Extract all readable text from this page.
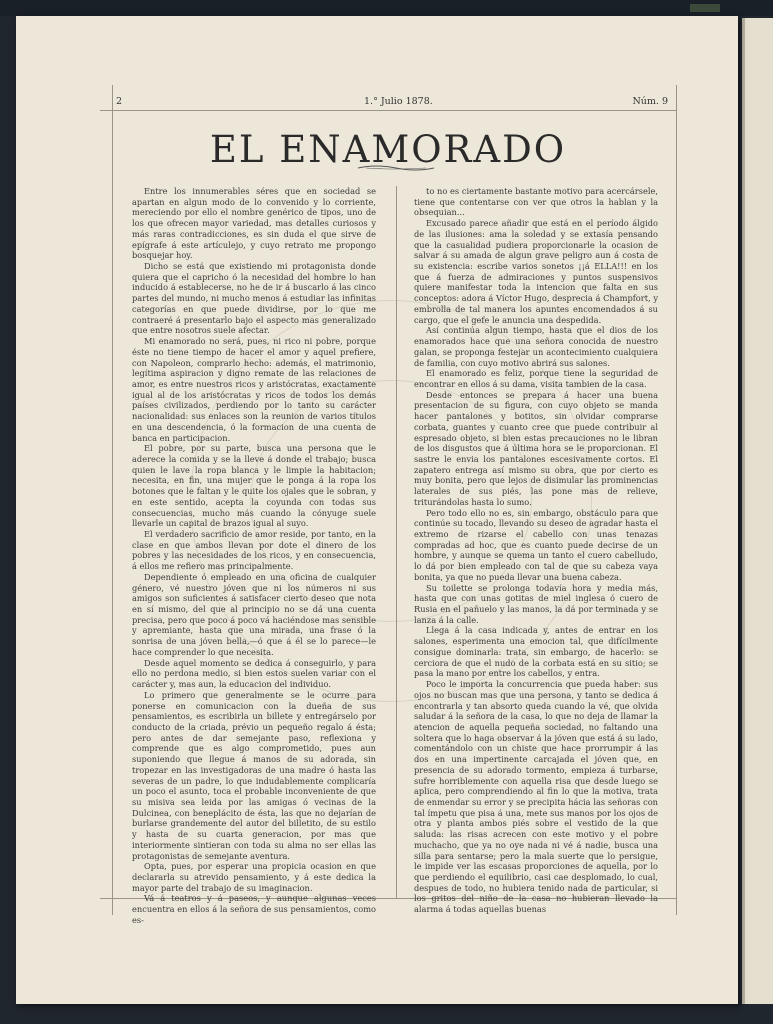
2	1.° Julio 1878.	Núm. 9
EL ENAMORADO

Entre los innumerables séres que en sociedad se apartan en algun modo de lo convenido y lo corriente, mereciendo por ello el nombre genérico de tipos, uno de los que ofrecen mayor variedad, mas detalles curiosos y más raras contradicciones, es sin duda el que sirve de epígrafe á este artículejo, y cuyo retrato me propongo bosquejar hoy.

Dicho se está que existiendo mi protagonista donde quiera que el capricho ó la necesidad del hombre lo han inducido á establecerse, no he de ir á buscarlo á las cinco partes del mundo, ni mucho menos á estudiar las infinitas categorías en que puede dividirse, por lo que me contraeré á presentarlo bajo el aspecto mas generalizado que entre nosotros suele afectar.

Mi enamorado no será, pues, ni rico ni pobre, porque éste no tiene tiempo de hacer el amor y aquel prefiere, con Napoleon, comprarlo hecho: además, el matrimonio, legítima aspiracion y digno remate de las relaciones de amor, es entre nuestros ricos y aristócratas, exactamente igual al de los aristócratas y ricos de todos los demás países civilizados, perdiendo por lo tanto su carácter nacionalidad: sus enlaces son la reunion de varios títulos en una descendencia, ó la formacion de una cuenta de banca en participacion.

El pobre, por su parte, busca una persona que le aderece la comida y se la lleve á donde el trabajo; busca quien le lave la ropa blanca y le limpie la habitacion; necesita, en fin, una mujer que le ponga á la ropa los botones que le faltan y le quite los ojales que le sobran, y en este sentido, acepta la coyunda con todas sus consecuencias, mucho más cuando la cónyuge suele llevarle un capital de brazos igual al suyo.

El verdadero sacrificio de amor reside, por tanto, en la clase en que ambos llevan por dote el dinero de los pobres y las necesidades de los ricos, y en consecuencia, á ellos me refiero mas principalmente.

Dependiente ó empleado en una oficina de cualquier género, vé nuestro jóven que ni los números ni sus amigos son suficientes á satisfacer cierto deseo que nota en sí mismo, del que al principio no se dá una cuenta precisa, pero que poco á poco vá haciéndose mas sensible y apremiante, hasta que una mirada, una frase ó la sonrisa de una jóven bella,—ó que á él se lo parece—le hace comprender lo que necesita.

Desde aquel momento se dedica á conseguirlo, y para ello no perdona medio, si bien estos suelen variar con el carácter y, mas aun, la educacion del individuo.

Lo primero que generalmente se le ocurre para ponerse en comunicacion con la dueña de sus pensamientos, es escribirla un billete y entregárselo por conducto de la criada, prévio un pequeño regalo á ésta; pero antes de dar semejante paso, reflexiona y comprende que es algo comprometido, pues aun suponiendo que llegue á manos de su adorada, sin tropezar en las investigadoras de una madre ó hasta las severas de un padre, lo que indudablemente complicaría un poco el asunto, toca el probable inconveniente de que su misiva sea leida por las amigas ó vecinas de la Dulcinea, con beneplácito de ésta, las que no dejarían de burlarse grandemente del autor del billetito, de su estilo y hasta de su cuarta generacion, por mas que interiormente sintieran con toda su alma no ser ellas las protagonistas de semejante aventura.

Opta, pues, por esperar una propicia ocasion en que declararla su atrevido pensamiento, y á este dedica la mayor parte del trabajo de su imaginacion.

Vá á teatros y á paseos, y aunque algunas veces encuentra en ellos á la señora de sus pensamientos, como es-

to no es ciertamente bastante motivo para acercársele, tiene que contentarse con ver que otros la hablan y la obsequian...

Excusado parece añadir que está en el período álgido de las ilusiones: ama la soledad y se extasía pensando que la casualidad pudiera proporcionarle la ocasion de salvar á su amada de algun grave peligro aun á costa de su existencia: escribe varios sonetos ¡¡á ELLA!!! en los que á fuerza de admiraciones y puntos suspensivos quiere manifestar toda la intencion que falta en sus conceptos: adora á Víctor Hugo, desprecia á Champfort, y embrolla de tal manera los apuntes encomendados á su cargo, que el gefe le anuncia una despedida.

Así continúa algun tiempo, hasta que el dios de los enamorados hace que una señora conocida de nuestro galan, se proponga festejar un acontecimiento cualquiera de familia, con cuyo motivo abrirá sus salones.

El enamorado es feliz, porque tiene la seguridad de encontrar en ellos á su dama, visita tambien de la casa.

Desde entonces se prepara á hacer una buena presentacion de su figura, con cuyo objeto se manda hacer pantalones y botitos, sin olvidar comprarse corbata, guantes y cuanto cree que puede contribuir al espresado objeto, si bien estas precauciones no le libran de los disgustos que á última hora se le proporcionan. El sastre le envia los pantalones escesivamente cortos. El zapatero entrega así mismo su obra, que por cierto es muy bonita, pero que lejos de disimular las prominencias laterales de sus piés, las pone mas de relieve, triturándolas hasta lo sumo.

Pero todo ello no es, sin embargo, obstáculo para que continúe su tocado, llevando su deseo de agradar hasta el extremo de rizarse el cabello con unas tenazas compradas ad hoc, que es cuanto puede decirse de un hombre, y aunque se quema un tanto el cuero cabelludo, lo dá por bien empleado con tal de que su cabeza vaya bonita, ya que no pueda llevar una buena cabeza.

Su toilette se prolonga todavía hora y media más, hasta que con unas gotitas de miel inglesa ó cuero de Rusia en el pañuelo y las manos, la dá por terminada y se lanza á la calle.

Llega á la casa indicada y, antes de entrar en los salones, esperimenta una emocion tal, que difícilmente consigue dominarla: trata, sin embargo, de hacerlo: se cerciora de que el nudo de la corbata está en su sitio; se pasa la mano por entre los cabellos, y entra.

Poco le importa la concurrencia que pueda haber: sus ojos no buscan mas que una persona, y tanto se dedica á encontrarla y tan absorto queda cuando la vé, que olvida saludar á la señora de la casa, lo que no deja de llamar la atencion de aquella pequeña sociedad, no faltando una soltera que lo haga observar á la jóven que está á su lado, comentándolo con un chiste que hace prorrumpir á las dos en una impertinente carcajada el jóven que, en presencia de su adorado tormento, empieza á turbarse, sufre horriblemente con aquella risa que desde luego se aplica, pero comprendiendo al fin lo que la motiva, trata de enmendar su error y se precipita hácia las señoras con tal ímpetu que pisa á una, mete sus manos por los ojos de otra y planta ambos piés sobre el vestido de la que saluda: las risas acrecen con este motivo y el pobre muchacho, que ya no oye nada ni vé á nadie, busca una silla para sentarse; pero la mala suerte que lo persigue, le impide ver las escasas proporciones de aquella, por lo que perdiendo el equilibrio, casi cae desplomado, lo cual, despues de todo, no hubiera tenido nada de particular, si los gritos del niño de la casa no hubieran llevado la alarma á todas aquellas buenas
